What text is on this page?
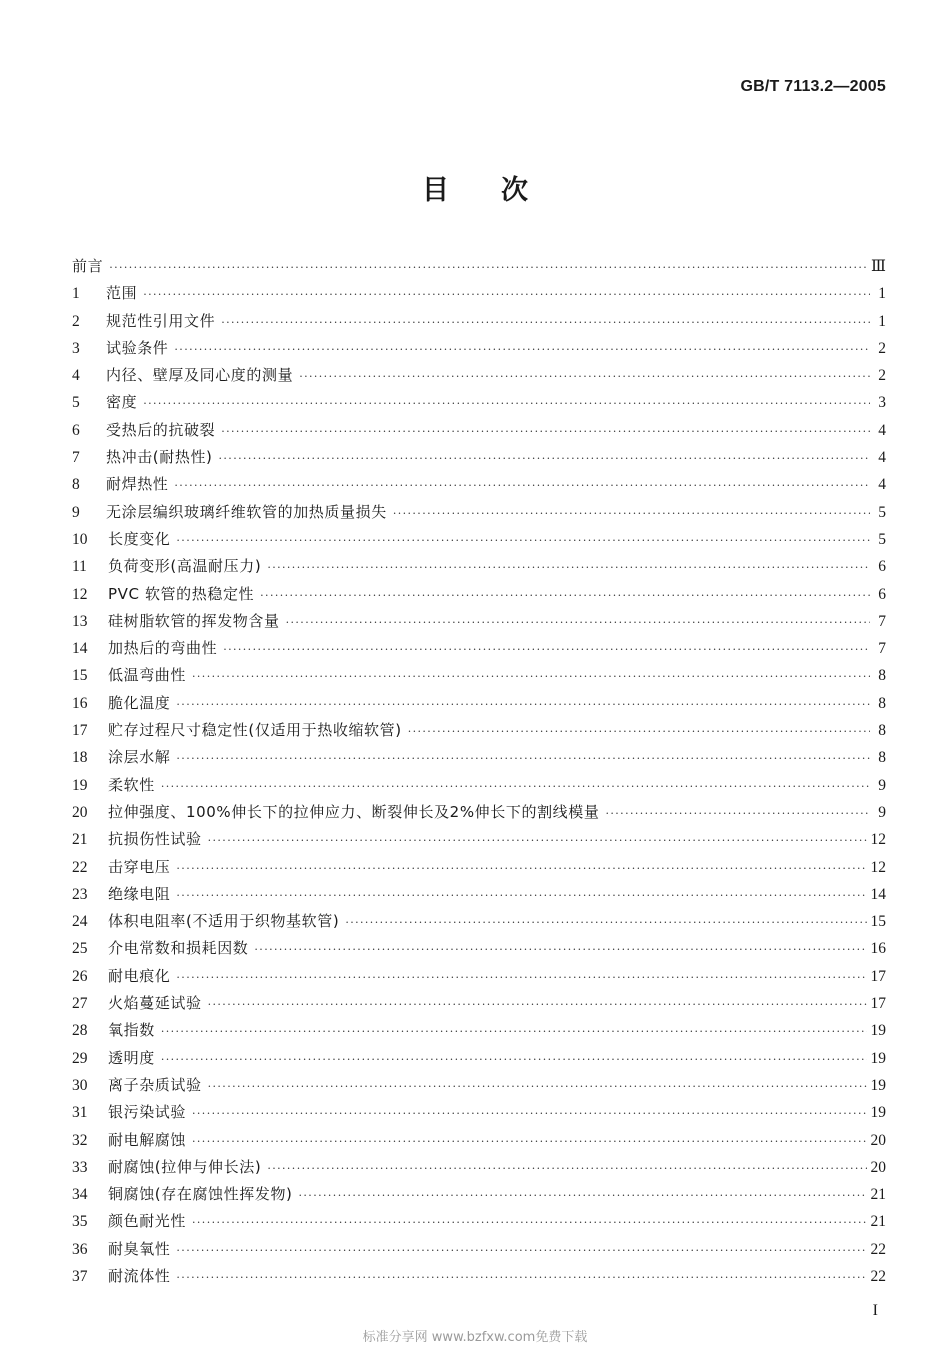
GB/T 7113.2—2005
目 次
前言 ·····	Ⅲ
1	范围 ·····	1
2	规范性引用文件 ·····	1
3	试验条件 ·····	2
4	内径、壁厚及同心度的测量 ·····	2
5	密度 ·····	3
6	受热后的抗破裂 ·····	4
7	热冲击(耐热性) ·····	4
8	耐焊热性 ·····	4
9	无涂层编织玻璃纤维软管的加热质量损失 ·····	5
10	长度变化 ·····	5
11	负荷变形(高温耐压力) ·····	6
12	PVC 软管的热稳定性 ·····	6
13	硅树脂软管的挥发物含量 ·····	7
14	加热后的弯曲性 ·····	7
15	低温弯曲性 ·····	8
16	脆化温度 ·····	8
17	贮存过程尺寸稳定性(仅适用于热收缩软管) ·····	8
18	涂层水解 ·····	8
19	柔软性 ·····	9
20	拉伸强度、100%伸长下的拉伸应力、断裂伸长及2%伸长下的割线模量 ·····	9
21	抗损伤性试验 ·····	12
22	击穿电压 ·····	12
23	绝缘电阻 ·····	14
24	体积电阻率(不适用于织物基软管) ·····	15
25	介电常数和损耗因数 ·····	16
26	耐电痕化 ·····	17
27	火焰蔓延试验 ·····	17
28	氧指数 ·····	19
29	透明度 ·····	19
30	离子杂质试验 ·····	19
31	银污染试验 ·····	19
32	耐电解腐蚀 ·····	20
33	耐腐蚀(拉伸与伸长法) ·····	20
34	铜腐蚀(存在腐蚀性挥发物) ·····	21
35	颜色耐光性 ·····	21
36	耐臭氧性 ·····	22
37	耐流体性 ·····	22
I
标准分享网 www.bzfxw.com免费下载
